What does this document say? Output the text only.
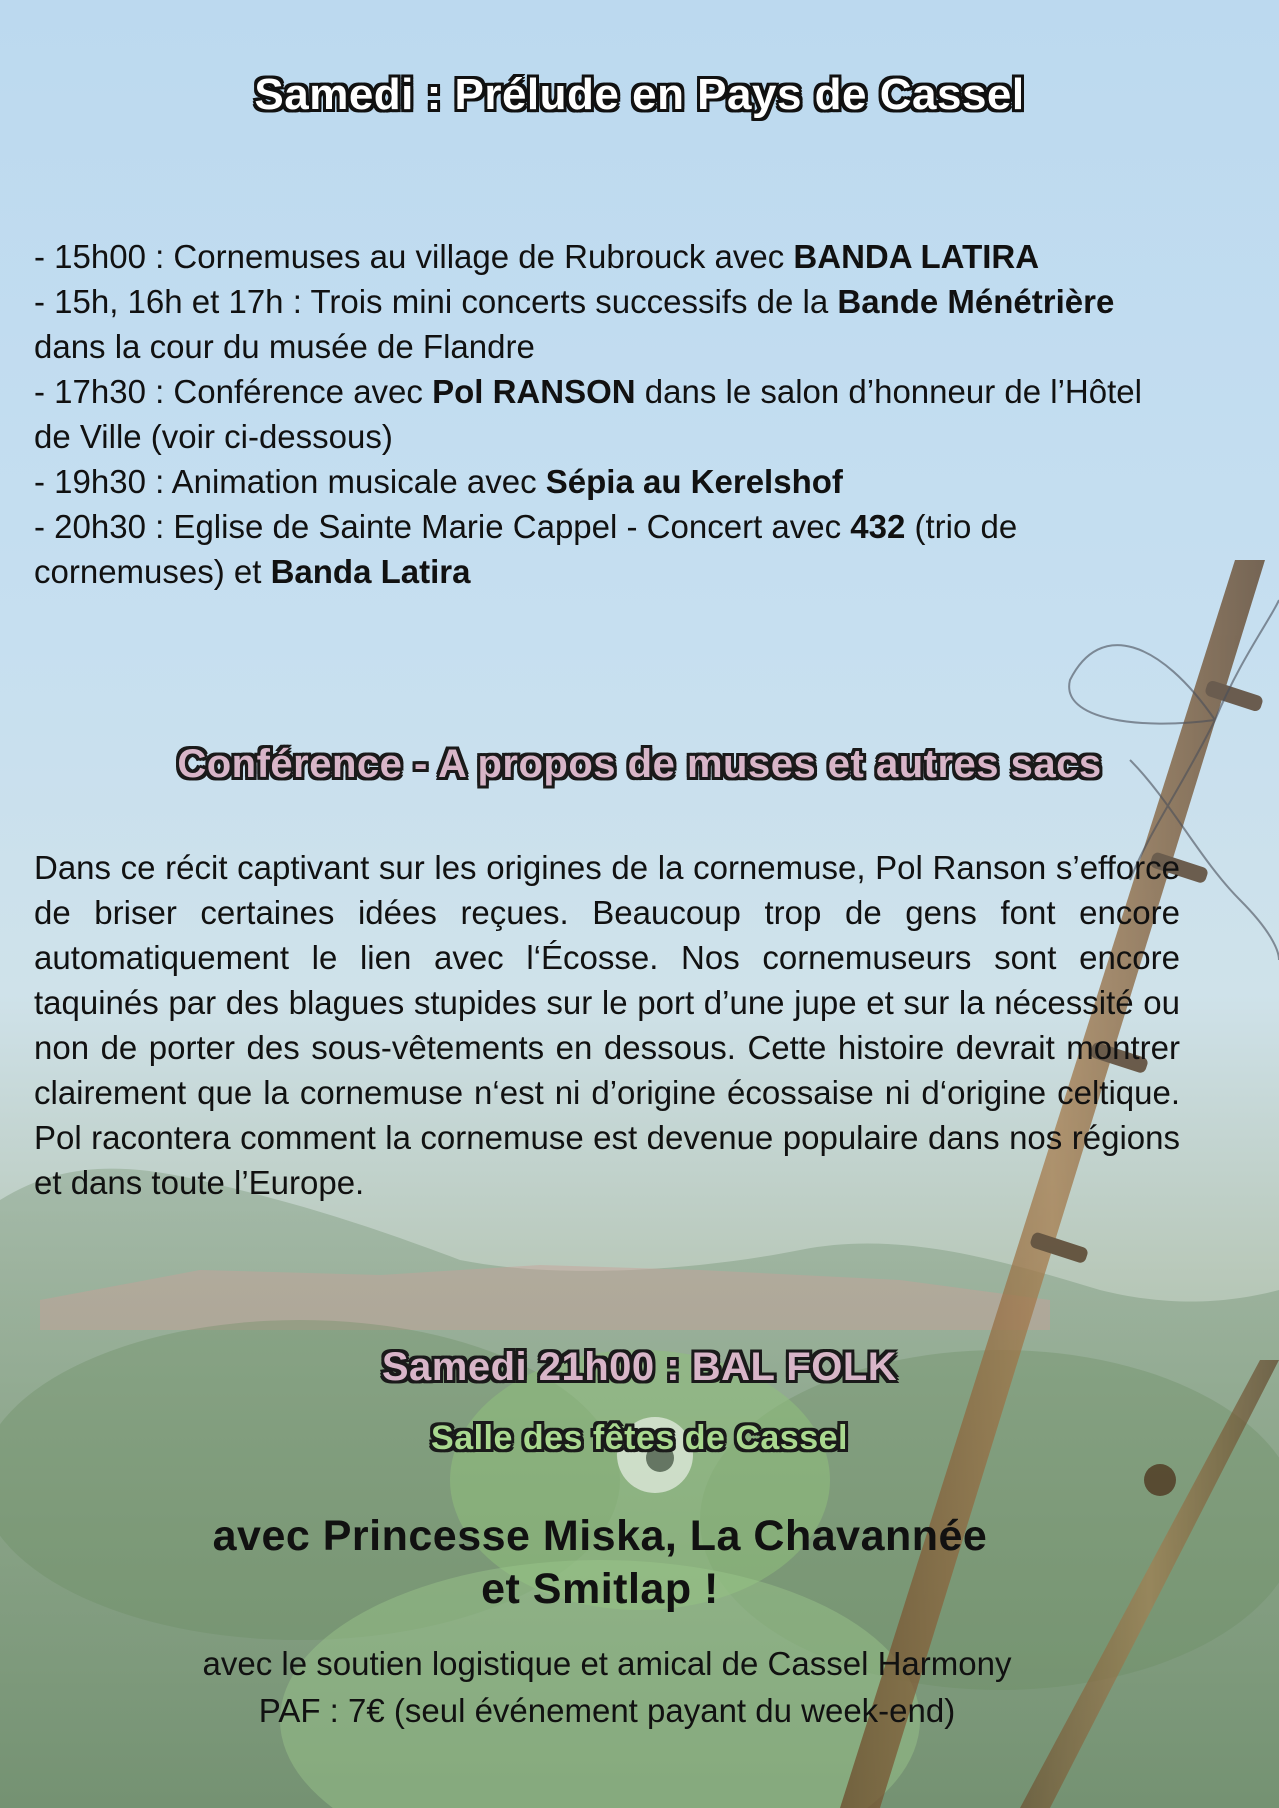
Samedi : Prélude en Pays de Cassel
- 15h00 : Cornemuses au village de Rubrouck avec BANDA LATIRA
- 15h, 16h et 17h : Trois mini concerts successifs de la Bande Ménétrière dans la cour du musée de Flandre
- 17h30 : Conférence avec Pol RANSON dans le salon d’honneur de l’Hôtel de Ville (voir ci-dessous)
- 19h30 : Animation musicale avec Sépia au Kerelshof
- 20h30 : Eglise de Sainte Marie Cappel - Concert avec 432 (trio de cornemuses) et Banda Latira
Conférence - A propos de muses et autres sacs

Dans ce récit captivant sur les origines de la cornemuse, Pol Ranson s’efforce de briser certaines idées reçues. Beaucoup trop de gens font encore automatiquement le lien avec l‘Écosse. Nos cornemuseurs sont encore taquinés par des blagues stupides sur le port d’une jupe et sur la nécessité ou non de porter des sous-vêtements en dessous. Cette histoire devrait montrer clairement que la cornemuse n‘est ni d’origine écossaise ni d‘origine celtique. Pol racontera comment la cornemuse est devenue populaire dans nos régions et dans toute l’Europe.

Samedi 21h00 : BAL FOLK
Salle des fêtes de Cassel
avec Princesse Miska, La Chavannée
et Smitlap !
avec le soutien logistique et amical de Cassel Harmony
PAF : 7€ (seul événement payant du week-end)
